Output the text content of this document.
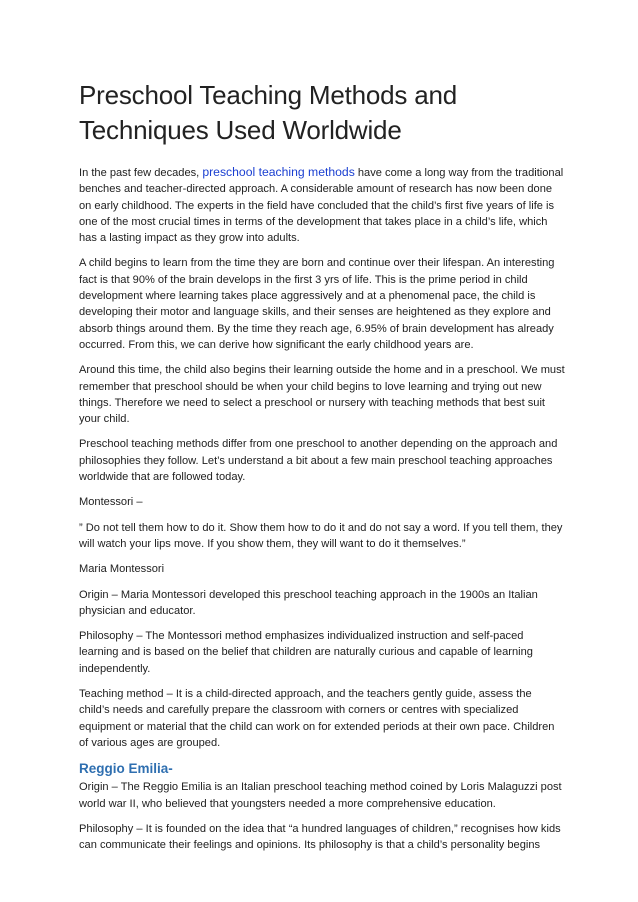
Preschool Teaching Methods and Techniques Used Worldwide

In the past few decades, preschool teaching methods have come a long way from the traditional benches and teacher-directed approach. A considerable amount of research has now been done on early childhood. The experts in the field have concluded that the child’s first five years of life is one of the most crucial times in terms of the development that takes place in a child’s life, which has a lasting impact as they grow into adults.

A child begins to learn from the time they are born and continue over their lifespan. An interesting fact is that 90% of the brain develops in the first 3 yrs of life. This is the prime period in child development where learning takes place aggressively and at a phenomenal pace, the child is developing their motor and language skills, and their senses are heightened as they explore and absorb things around them. By the time they reach age, 6.95% of brain development has already occurred. From this, we can derive how significant the early childhood years are.

Around this time, the child also begins their learning outside the home and in a preschool. We must remember that preschool should be when your child begins to love learning and trying out new things. Therefore we need to select a preschool or nursery with teaching methods that best suit your child.

Preschool teaching methods differ from one preschool to another depending on the approach and philosophies they follow. Let’s understand a bit about a few main preschool teaching approaches worldwide that are followed today.

Montessori –

” Do not tell them how to do it. Show them how to do it and do not say a word. If you tell them, they will watch your lips move. If you show them, they will want to do it themselves.”

Maria Montessori

Origin – Maria Montessori developed this preschool teaching approach in the 1900s an Italian physician and educator.

Philosophy – The Montessori method emphasizes individualized instruction and self-paced learning and is based on the belief that children are naturally curious and capable of learning independently.

Teaching method – It is a child-directed approach, and the teachers gently guide, assess the child’s needs and carefully prepare the classroom with corners or centres with specialized equipment or material that the child can work on for extended periods at their own pace. Children of various ages are grouped.

Reggio Emilia-

Origin – The Reggio Emilia is an Italian preschool teaching method coined by Loris Malaguzzi post world war II, who believed that youngsters needed a more comprehensive education.

Philosophy – It is founded on the idea that “a hundred languages of children,” recognises how kids can communicate their feelings and opinions. Its philosophy is that a child’s personality begins
